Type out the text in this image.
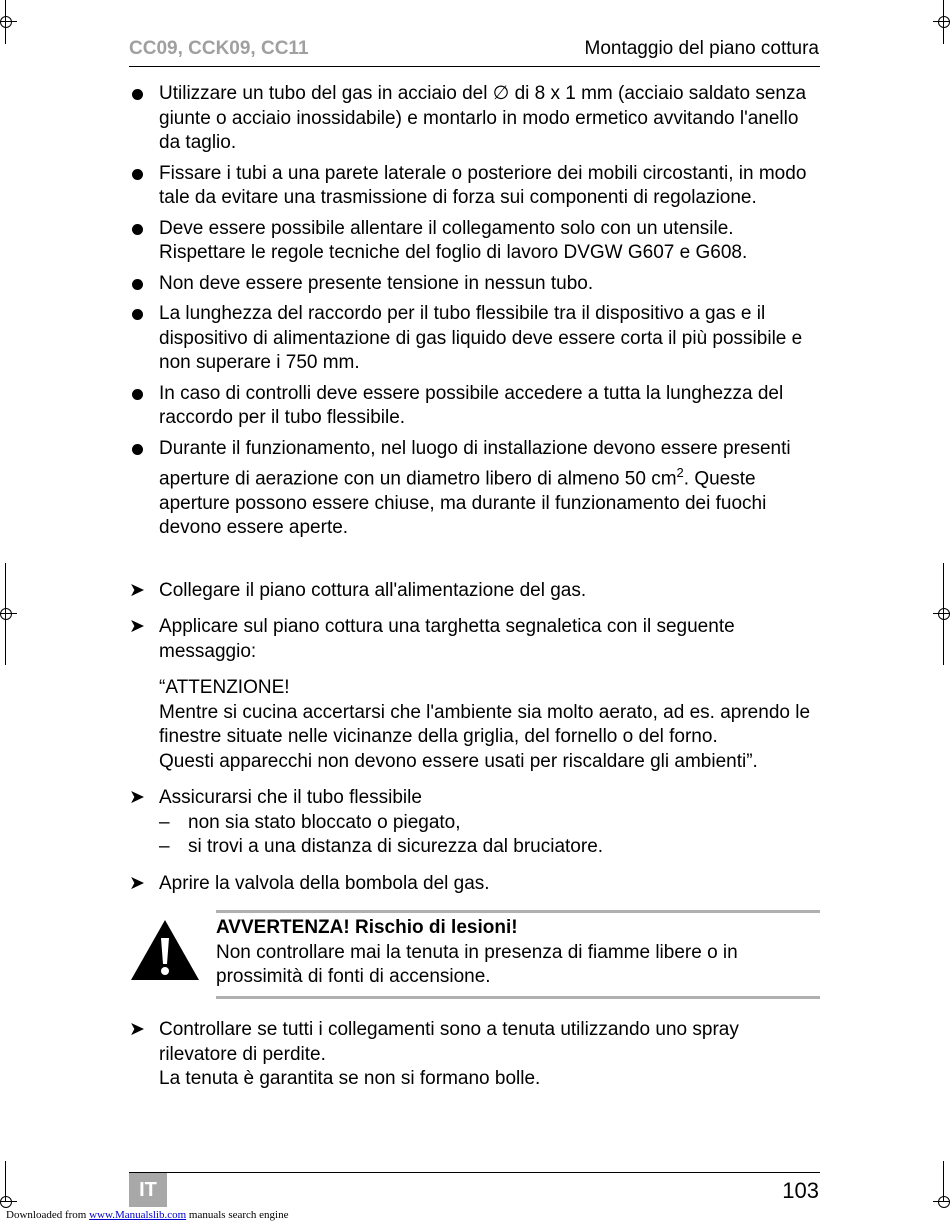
CC09, CCK09, CC11	Montaggio del piano cottura
Utilizzare un tubo del gas in acciaio del ∅ di 8 x 1 mm (acciaio saldato senza giunte o acciaio inossidabile) e montarlo in modo ermetico avvitando l'anello da taglio.
Fissare i tubi a una parete laterale o posteriore dei mobili circostanti, in modo tale da evitare una trasmissione di forza sui componenti di regolazione.
Deve essere possibile allentare il collegamento solo con un utensile. Rispettare le regole tecniche del foglio di lavoro DVGW G607 e G608.
Non deve essere presente tensione in nessun tubo.
La lunghezza del raccordo per il tubo flessibile tra il dispositivo a gas e il dispositivo di alimentazione di gas liquido deve essere corta il più possibile e non superare i 750 mm.
In caso di controlli deve essere possibile accedere a tutta la lunghezza del raccordo per il tubo flessibile.
Durante il funzionamento, nel luogo di installazione devono essere presenti aperture di aerazione con un diametro libero di almeno 50 $cm^2$. Queste aperture possono essere chiuse, ma durante il funzionamento dei fuochi devono essere aperte.
➤ Collegare il piano cottura all'alimentazione del gas.
➤ Applicare sul piano cottura una targhetta segnaletica con il seguente messaggio:
“ATTENZIONE!
Mentre si cucina accertarsi che l'ambiente sia molto aerato, ad es. aprendo le finestre situate nelle vicinanze della griglia, del fornello o del forno.
Questi apparecchi non devono essere usati per riscaldare gli ambienti”.
➤ Assicurarsi che il tubo flessibile
– non sia stato bloccato o piegato,
– si trovi a una distanza di sicurezza dal bruciatore.
➤ Aprire la valvola della bombola del gas.
AVVERTENZA! Rischio di lesioni!
Non controllare mai la tenuta in presenza di fiamme libere o in prossimità di fonti di accensione.
➤ Controllare se tutti i collegamenti sono a tenuta utilizzando uno spray rilevatore di perdite.
La tenuta è garantita se non si formano bolle.
IT	103
Downloaded from www.Manualslib.com manuals search engine
